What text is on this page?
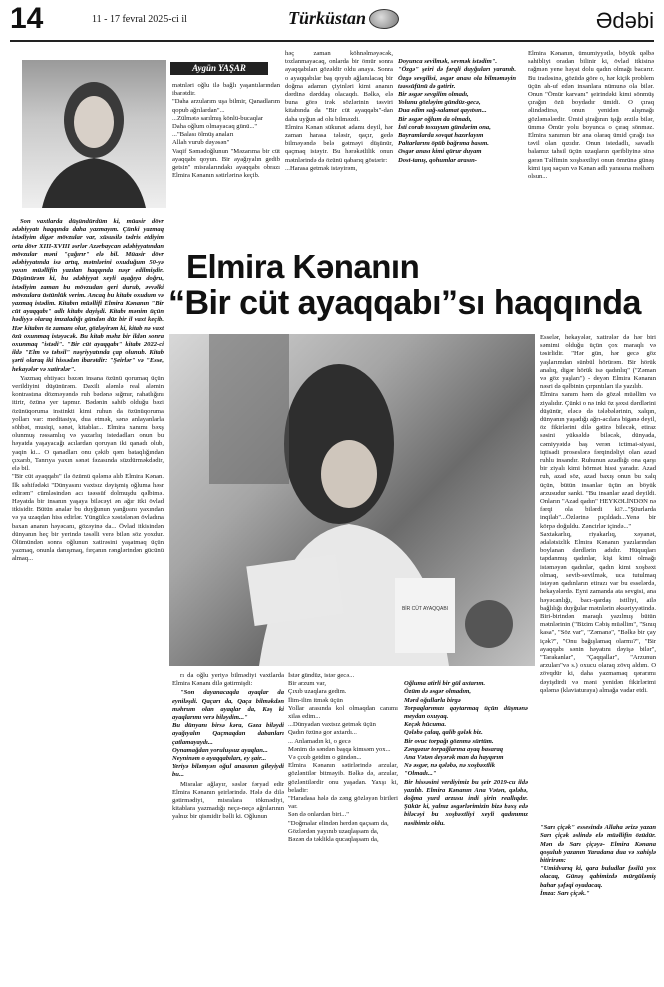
14	11 - 17 fevral 2025-ci il	Türküstan	Ədəbi
Aygün YAŞAR

Son vaxtlarda düşündürdüm ki, müasir dövr ədəbiyyatı haqqında daha yazmayım. Çünki yazmaq istədiyim digər mövzular var, xüsusilə tədris etdiyim orta dövr XIII-XVIII əsrlər Azərbaycan ədəbiyyatından mövzular məni "çağırır" elə bil. Müasir dövr ədəbiyyatında isə artıq, mətnlərini oxuduğum 50-yə yaxın müəllifin yazılan haqqında nəşr edilmişdir. Düşünürəm ki, bu ədəbiyyat xeyli aşağıya doğru, istədiyim zaman bu mövzudan geri durub, əvvəlki mövzulara üstünlük verim. Ancaq bu kitabı oxudum və yazmaq istədim. Kitabın müəllifi Elmira Kənanın "Bir cüt ayaqqabı" adlı kitabı dayişdi. Kitabı mənim üçün hədiyyə olaraq imzaladığı gündən düz bir il vaxt keçib. Hər kitabın öz zamanı olur, gözləyirəm ki, kitab nə vaxt özü oxunmaq istəyəcək. Bu kitab məhz bir ildən sonra oxunmaq "istədi". "Bir cüt ayaqqabı" kitabı 2022-ci ildə "Elm və təhsil" nəşriyyatında çap olunub. Kitab şərti olaraq iki hissədən ibarətdir: "Şeirlər" və "Esse, hekayələr və xatirələr".

Yazmaq ehtiyacı bəzən insana özünü qorumaq üçün verildiyini düşünürəm. Daxili aləmlə real aləmin kontrastına dözməyəndə ruh bədənə sığmır, rahatlığını itirir, özünə yer tapmır. Bədənin sahib olduğu bəzi özünüqoruma instinkti kimi ruhun da özünüqoruma yolları var: meditasiya, dua etmək, sənə anlayanlarla söhbət, musiqi, sənət, kitablar... Elmira xanımı bəxş olunmuş rəssamlıq və yazarlıq istedadları onun bu həyatda yaşayacağı acılardan qoruyan iki qanadı olub, yaqin ki... O qanadları onu çəkib qəm bataqlığından çıxarıb, Tanrıya yaxın sənət fəzasında süzdürməkdədir, elə bil.
"Bir cüt ayaqqabı" ilə özümü qələmə alıb Elmira Kənan. İlk səhifədəki "Dünyasını vaxtsız dəyişmiş oğluma həsr edirəm" cümləsindən acı təəssüf dolmuşdu qəlbimə. Həyatda bir insanın yaşaya biləcəyi ən ağır itki övlad itkisidir. Bütün analar bu duyğunun yanğısını yaxından və ya uzaqdan hiss edirlər. Yüngülcə xəstələnən övladına baxan ananın həyəcanı, gözəyinə da... Övlad itkisindən dünyanın heç bir yerində təsəlli verə bilən söz yoxdur. Ölümündən sonra oğlunun xatirəsini yaşatmaq üçün yazmaq, onunla danışmaq, fırçanın rənglərindən gücünü almaq...

mətnləri oğlu ilə bağlı yaşantılarından ibarətdir.
"Daha arzularım uşa bilmir, Qanadlarım qopub ağrılardan"...
...Zülmətə sarılmış könlü-bucaqlar
Daha oğlum olmayacaq günü..."
..."Balası ölmüş anaları
Allah vurub dəyəsən"
Vaqif Səmədoğlunun "Məzarıma bir cüt ayaqqabı qoyun. Bir ayağıyalın gedib getsin" misralarındakı ayaqqabı obrazı Elmira Kənanın sətirlərinə keçib.
həç zaman köhnəlməyəcək, tozlanmayacaq, onlarda bir ömür sonra ayaqqabıları gözəldir oldu anaya. Sonra o ayaqqabılar baş qoyub ağlanılacaq bir doğma adamın çiyinləri kimi ananın dərdinə dərddaş olacaqdı. Bəlkə, elə buna görə irək sözlərinin təsviri kitabında da "Bir cüt ayaqqabı"-dan daha uyğun ad olu bilməzdi.
Elmira Kənan sükunət adamı deyil, hər zaman harasa tələsir, qaçır, gedə bilməyəndə belə gətməyi düşünür, qaçmaq istəyir. Bu hərəkətlilik onun mətnlərində də özünü qabarıq göstərir:
...Harasa getmək istəyirəm,

Doyunca sevilmək, sevmək istədim".
"Özgə" şeiri də fərqli duyğuları yaranıb. Özgə sevgilisi, əsgər anası ola bilməməyin təəssüfünü də gətirir.
Bir əsgər sevgilim olmadı,
Yolunu gözləyim gündüz-gecə,
Dua edim sağ-salamat qayıtsın...
Bir əsgər oğlum da olmadı,
İsti corab toxuyum gündərim ona,
Bayramlarda sovqat hazırlayım
Paltarlarını öpüb bağrıma basım.
Əsgər anası kimi qürur duyam
Dost-tanış, qohumlar arasın-

Elmira Kənanın, ümumiyyətlə, böyük qəlbə sahibliyi oradan bilinir ki, övlad itkisinə rağmən yene həyat dolu qadın olmağı bacarır. Bu iradəsinə, gözüdə göre o, hər kiçik problem üçün ah-uf edən insanlara nümunə ola bilər. Onun "Ömür karvanı" şeirindəki kimi sönmüş çırağın özü boydadır ümidi. O çıraq əlindədirsə, onun yenidən alışmağı gözləmələrdir. Ümid şirağının işığı ərzilə bilər, ümmə Ömür yolu boyunca o çıraq sönməz. Elmira xanımın bir ana olaraq ümid çırağı isə təvil olan qızıdır. Onun istedadlı, savadlı balamız tahsil üçün uzaqların qəribliyinə sinə gərən Təlfimin xoşbəxtliyi onun ömrünə günəş kimi işıq saçsın və Kənan adlı yarasına məlhəm olsun...
Elmira Kənanın
“Bir cüt ayaqqabı”sı haqqında
BİR CÜT AYAQQABI
Esselər, hekayələr, xatirələr də hər biri səmimi olduğu üçün çox maraqlı və təsirlidir. "Hər gün, hər gecə göz yaşlarımdan sünbül hörürəm. Bir hörük analıq, digər hörük isə qadınlıq" ("Zəman və göz yaşları") - deyən Elmira Kənanın nəsri də qəlbinin çırpıntıları ilə yazılıb.
Elmira xanım həm də gözəl müəllim və ziyalıdır. Çünki o nə inki öz şəxsi dərdlərini düşünür, eləcə də tələbələrinin, xalqın, dünyanın yaşadığı ağrı-acılara biganə deyil, öz fikirlərini dilə gətirə bilecək, etiraz səsini yüksəldə biləcək, dünyada, cəmiyyətdə baş verən ictimai-siyasi, iqtisadi proseslərə fərqindəliyi olan azad ruhlu insandır. Ruhunun azadlığı ona qarşı bir ziyalı kimi hörmət hissi yaradır. Azad ruh, azad söz, azad baxış onun bu xalq üçün, bütün insanlar üçün ən böyük arzusudur sanki. "Bu insanlar azad deyildi. Onların "Azad qadın" HEYKƏLİNDƏN nə fərqi ola bilərdi ki?..."Şüurlarda inqilab"...Özlərinə pıçıldadı...Yenə bir körpə doğuldu. Zəncirlər içində..."
Saxtakarlıq, riyakarlıq, xəyanət, ədalətsizlik Elmira Kənanın yazılarından boylanan dərdlərin adıdır. Hüquqları tapdanmış qadınlar, kişi kimi olmağı istəməyən qadınlar, qadın kimi xoşbəxt olmaq, sevib-sevilmək, uca tutulmaq istəyən qadınların etirazı var bu esselərdə, hekayələrdə. Eyni zamanda ata sevgisi, ana həyəcanlığı, bacı-qardaş istiliyi, ailə bağlılığı duyğular mətnlərin əksəriyyətində. Biri-birindən maraqlı yazılmış bütün mətnlərinin ("Bizim Cəbiş müəllim", "Sınıq kasa", "Söz var", "Zəmanə", "Bəlkə bir çay içək?", "Onu bağışlamaq olarmı?", "Bir ayaqqabı sənin həyatını dəyişə bilər", "Tarakanlar", "Çaqqallar", "Arzunun arzuları"və s.) oxucu olaraq zövq aldım. O zövqdür ki, daha yazmamaq qərarımı dəyişdirdi və məni yenidən fikirlərimi qələmə (klaviaturaya) almağa vadar etdi.

rı da oğlu yeriyə bilmədiyi vaxtlarda Elmira Kənanı dilə gətirmişdi:

"Son dayanacaqda ayaqlar da eyniləşdi. Qaçarı da, Qaça bilməkdən məhrum olan ayaqlar da, Kəş ki ayaqlarımı verə biləydim..."
Bu dünyanı birsə kəra, Gəza biləydi ayağıyalın Qaçmaqdan dabanları çatlamayaydı...
Oynamağdan yoruluşsuz ayaqlan...
Neyninəm o ayaqqabıları, ey şair...
Yeriyə biləmyən oğul anasının gileyiydi bu...

Misralar ağlayır, səslər fəryad edir Elmira Kənanın şeirlərində. Hələ də dilə gətirmədiyi, misralara tökmədiyi, kitablara yazmadığı neçə-neçə ağrılarının yalnız bir qismidir bəlli ki. Oğlunun

İstər gündüz, istər gecə...
Bir arzum var,
Çıxıb uzaqlara gedim.
İlim-ilim itmək üçün
Yollar arasında kol olmaqdan canımı xilas edim...
...Dünyadan vaxtsız getmək üçün
Qadın özünə gor axtardı...
... Anlamadın ki, o gecə
Mənim də səndən başqa kimsəm yox...
Və çıxıb getdim o gündən...
Elmira Kənanın sətirlərində arzular, gözləntilər bitməyib. Bəlkə də, arzular, gözləntilərdir onu yaşadan. Yaxşı ki, beladir:
"Haradasa hələ də zəng gözləyən birileri var.
Sən də onlardan biri..."
"Doğmalar elindən herdən qaçsam da,
Gözlərdən yayınıb uzaqlaşsam da,
Bəzən də təklikla qucaqlaşsam da,

Oğluma atirli bir gül axtarım.
Özüm də əsgər olmadım,
Mərd oğullarla birgə
Torpaqlarımızı qaytarmaq üçün düşmənə meydan oxuyaq.
Keçək hücuma.
Qələbə çalaq, qalib gələk biz.
Bir ovuc torpağı göznmə sürtüm.
Zəngəzur torpağlarına ayaq basaraq
Ana Vətən deyərək man da hayqırım
Nə əsgər, nə qələbə, nə xoşbəxtlik
"Olmadı..."
Bir hissəsini verdiyimiz bu şeir 2019-cu ildə yazılıb. Elmira Kənanın Ana Vətən, qələbə, doğma yurd arzusu indi şirin reallıqdır. Şükür ki, yalnız əsgərlərimizin bizə bəxş edə biləcəyi bu xoşbəxtliyi xeyli qadınımız nəsibimiz oldu.

"Sarı çiçək" essesində Allaha ərizə yazan Sarı çiçək əslində elə müəllifin özüdür. Mən də Sarı çiçəyə- Elmira Kənana qoşulub yazanın Yaradana dua və xahişlə bitirirəm:
"Umidvarıq ki, qara buludlar fəsilü yox olacaq, Günəş qabimizdə mürgüləmiş bahar şəfəqi oyadacaq.
İmza: Sarı çiçək."
